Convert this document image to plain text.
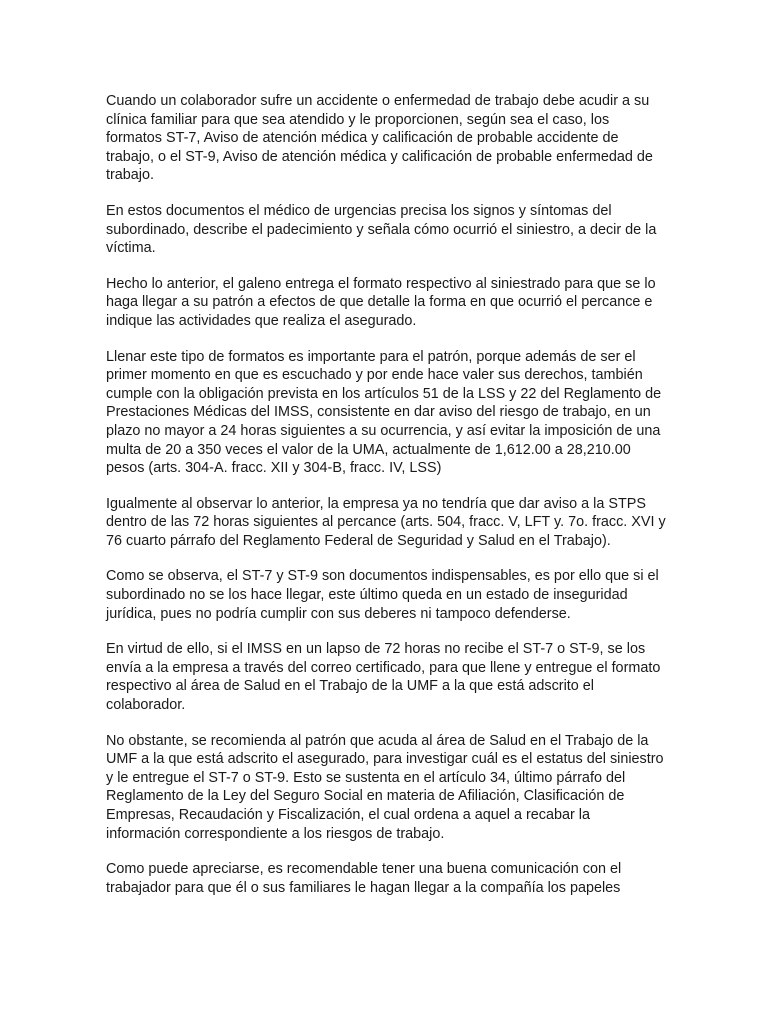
Cuando un colaborador sufre un accidente o enfermedad de trabajo debe acudir a su clínica familiar para que sea atendido y le proporcionen, según sea el caso, los formatos ST-7, Aviso de atención médica y calificación de probable accidente de trabajo, o el ST-9, Aviso de atención médica y calificación de probable enfermedad de trabajo.

En estos documentos el médico de urgencias precisa los signos y síntomas del subordinado, describe el padecimiento y señala cómo ocurrió el siniestro, a decir de la víctima.

Hecho lo anterior, el galeno entrega el formato respectivo al siniestrado para que se lo haga llegar a su patrón a efectos de que detalle la forma en que ocurrió el percance e indique las actividades que realiza el asegurado.

Llenar este tipo de formatos es importante para el patrón, porque además de ser el primer momento en que es escuchado y por ende hace valer sus derechos, también cumple con la obligación prevista en los artículos 51 de la LSS y 22 del Reglamento de Prestaciones Médicas del IMSS, consistente en dar aviso del riesgo de trabajo, en un plazo no mayor a 24 horas siguientes a su ocurrencia, y así evitar la imposición de una multa de 20 a 350 veces el valor de la UMA, actualmente de 1,612.00 a 28,210.00 pesos (arts. 304-A. fracc. XII y 304-B, fracc. IV, LSS)

Igualmente al observar lo anterior, la empresa ya no tendría que dar aviso a la STPS dentro de las 72 horas siguientes al percance (arts. 504, fracc. V, LFT y. 7o. fracc. XVI y 76 cuarto párrafo del Reglamento Federal de Seguridad y Salud en el Trabajo).

Como se observa, el ST-7 y ST-9 son documentos indispensables, es por ello que si el subordinado no se los hace llegar, este último queda en un estado de inseguridad jurídica, pues no podría cumplir con sus deberes ni tampoco defenderse.

En virtud de ello, si el IMSS en un lapso de 72 horas no recibe el ST-7 o ST-9, se los envía a la empresa a través del correo certificado, para que llene y entregue el formato respectivo al área de Salud en el Trabajo de la UMF a la que está adscrito el colaborador.

No obstante, se recomienda al patrón que acuda al área de Salud en el Trabajo de la UMF a la que está adscrito el asegurado, para investigar cuál es el estatus del siniestro y le entregue el ST-7 o ST-9. Esto se sustenta en el artículo 34, último párrafo del Reglamento de la Ley del Seguro Social en materia de Afiliación, Clasificación de Empresas, Recaudación y Fiscalización, el cual ordena a aquel a recabar la información correspondiente a los riesgos de trabajo.

Como puede apreciarse, es recomendable tener una buena comunicación con el trabajador para que él o sus familiares le hagan llegar a la compañía los papeles
